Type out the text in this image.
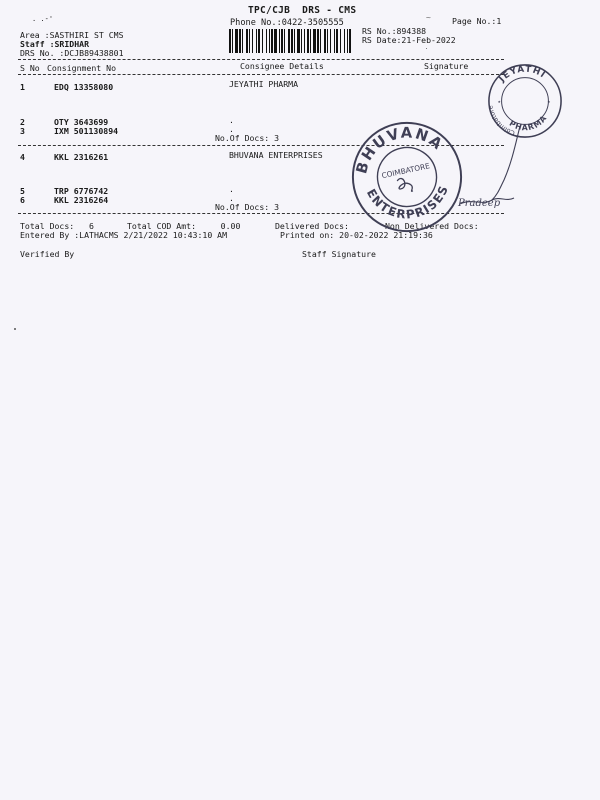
. .-'
TPC/CJB  DRS - CMS
Phone No.:0422-3505555
Area :SASTHIRI ST CMS
Staff :SRIDHAR
DRS No. :DCJB89438801
RS No.:894388
RS Date:21-Feb-2022
Page No.:1
~
S No Consignment No	Consignee Details	Signature
1	EDQ 13358080	JEYATHI PHARMA
2	OTY 3643699	.
3	IXM 501130894	.
No.Of Docs: 3
4	KKL 2316261	BHUVANA ENTERPRISES
5	TRP 6776742	.
6	KKL 2316264	.
No.Of Docs: 3
Total Docs:   6	Total COD Amt:     0.00	Delivered Docs:	Non Delivered Docs:
Entered By :LATHACMS 2/21/2022 10:43:10 AM	Printed on: 20-02-2022 21:19:36
Verified By	Staff Signature
JEYATHI
PHARMA
Coimbatore
★	★
BHUVANA
ENTERPRISES
COIMBATORE
Pradeep
